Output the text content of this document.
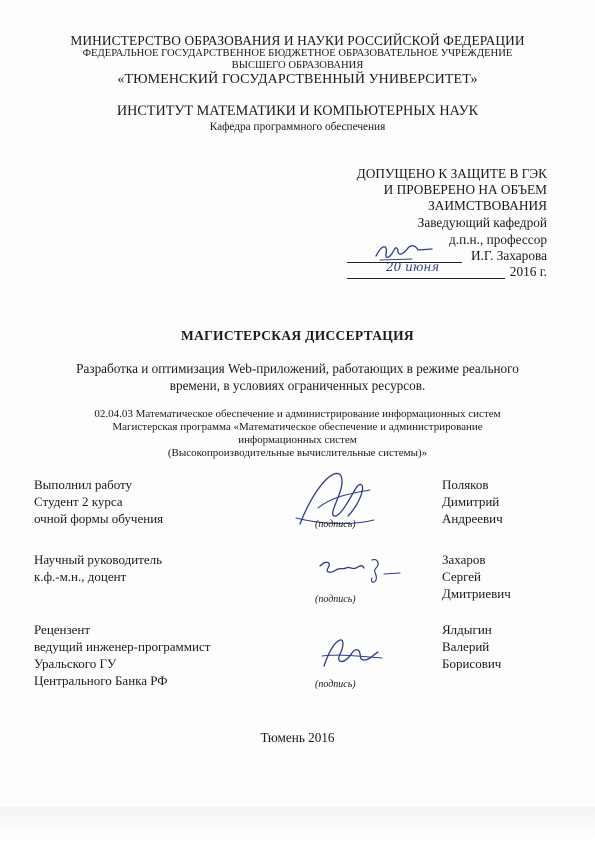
МИНИСТЕРСТВО ОБРАЗОВАНИЯ И НАУКИ РОССИЙСКОЙ ФЕДЕРАЦИИ
ФЕДЕРАЛЬНОЕ ГОСУДАРСТВЕННОЕ БЮДЖЕТНОЕ ОБРАЗОВАТЕЛЬНОЕ УЧРЕЖДЕНИЕ
ВЫСШЕГО ОБРАЗОВАНИЯ
«ТЮМЕНСКИЙ ГОСУДАРСТВЕННЫЙ УНИВЕРСИТЕТ»
ИНСТИТУТ МАТЕМАТИКИ И КОМПЬЮТЕРНЫХ НАУК
Кафедра программного обеспечения
ДОПУЩЕНО К ЗАЩИТЕ В ГЭК
И ПРОВЕРЕНО НА ОБЪЕМ
ЗАИМСТВОВАНИЯ
Заведующий кафедрой
д.п.н., профессор
И.Г. Захарова
2016 г.
20 июня
МАГИСТЕРСКАЯ ДИССЕРТАЦИЯ
Разработка и оптимизация Web-приложений, работающих в режиме реального
времени, в условиях ограниченных ресурсов.
02.04.03 Математическое обеспечение и администрирование информационных систем
Магистерская программа «Математическое обеспечение и администрирование
информационных систем
(Высокопроизводительные вычислительные системы)»
Выполнил работу
Студент 2 курса
очной формы обучения	(подпись)
Поляков
Димитрий
Андреевич
Научный руководитель
к.ф.-м.н., доцент
(подпись)
Захаров
Сергей
Дмитриевич
Рецензент
ведущий инженер-программист
Уральского ГУ
Центрального Банка РФ	(подпись)
Ялдыгин
Валерий
Борисович
Тюмень 2016
